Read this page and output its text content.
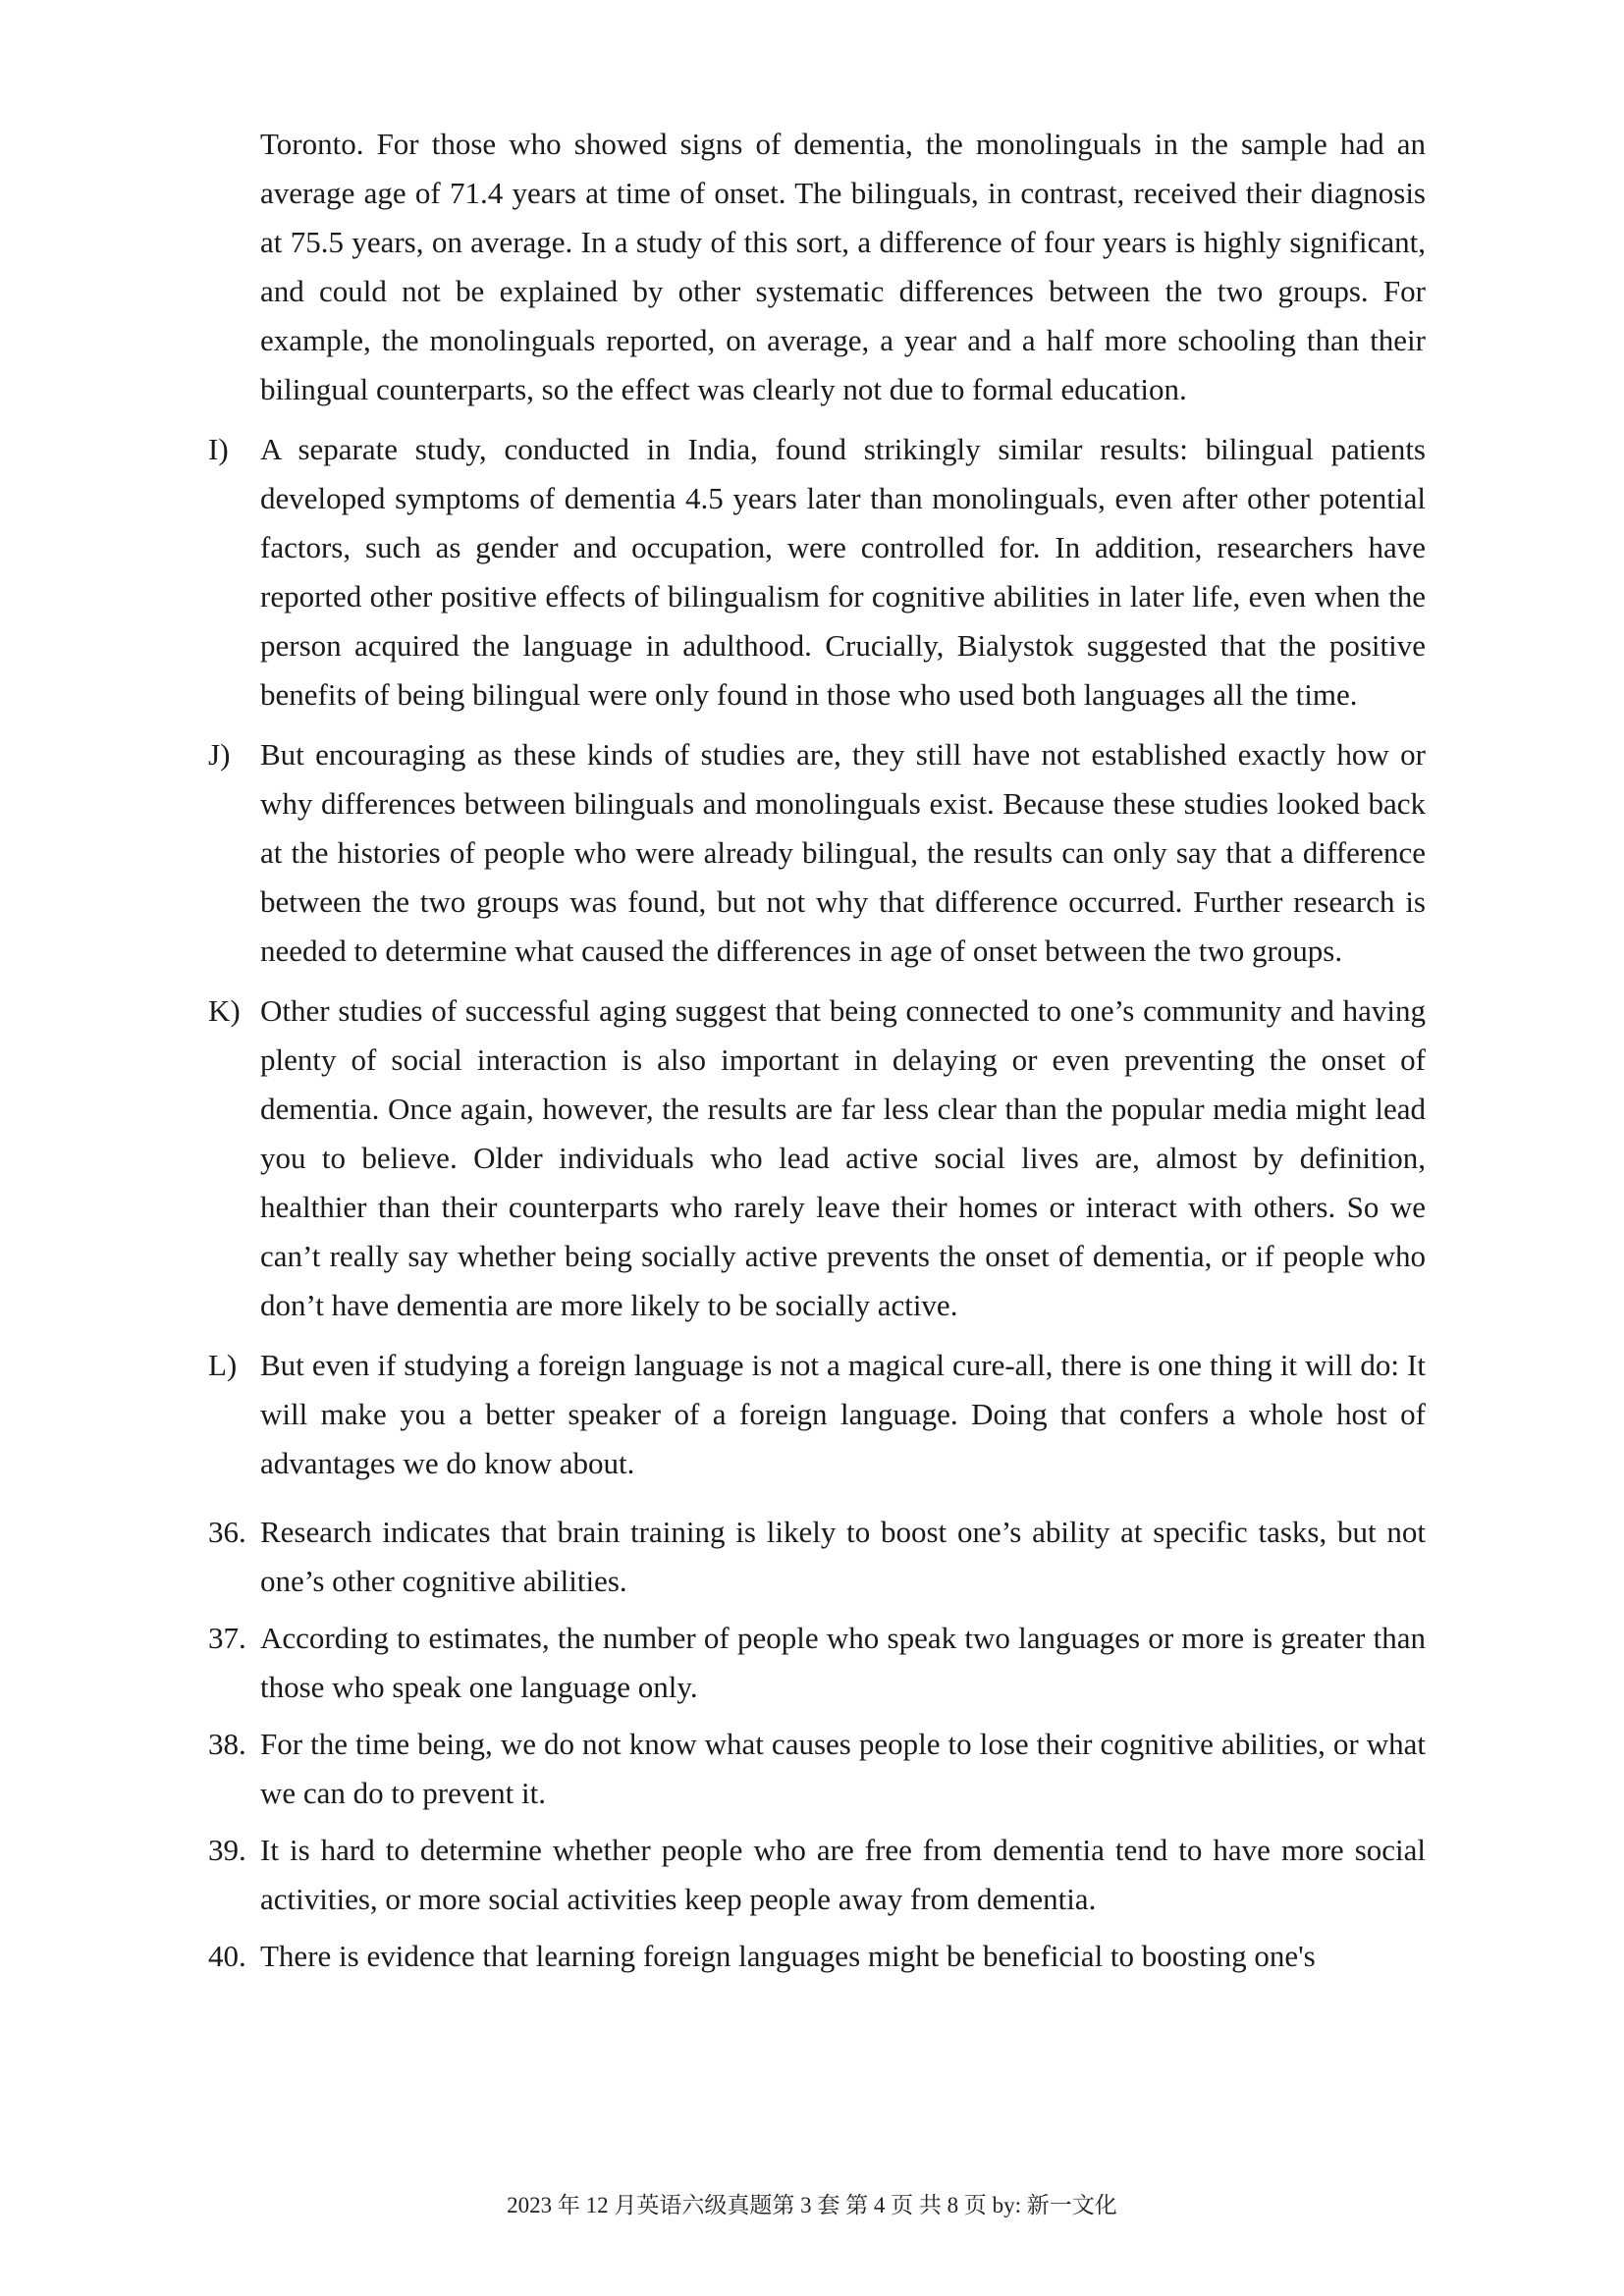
Toronto. For those who showed signs of dementia, the monolinguals in the sample had an average age of 71.4 years at time of onset. The bilinguals, in contrast, received their diagnosis at 75.5 years, on average. In a study of this sort, a difference of four years is highly significant, and could not be explained by other systematic differences between the two groups. For example, the monolinguals reported, on average, a year and a half more schooling than their bilingual counterparts, so the effect was clearly not due to formal education.
I) A separate study, conducted in India, found strikingly similar results: bilingual patients developed symptoms of dementia 4.5 years later than monolinguals, even after other potential factors, such as gender and occupation, were controlled for. In addition, researchers have reported other positive effects of bilingualism for cognitive abilities in later life, even when the person acquired the language in adulthood. Crucially, Bialystok suggested that the positive benefits of being bilingual were only found in those who used both languages all the time.
J) But encouraging as these kinds of studies are, they still have not established exactly how or why differences between bilinguals and monolinguals exist. Because these studies looked back at the histories of people who were already bilingual, the results can only say that a difference between the two groups was found, but not why that difference occurred. Further research is needed to determine what caused the differences in age of onset between the two groups.
K) Other studies of successful aging suggest that being connected to one’s community and having plenty of social interaction is also important in delaying or even preventing the onset of dementia. Once again, however, the results are far less clear than the popular media might lead you to believe. Older individuals who lead active social lives are, almost by definition, healthier than their counterparts who rarely leave their homes or interact with others. So we can’t really say whether being socially active prevents the onset of dementia, or if people who don’t have dementia are more likely to be socially active.
L) But even if studying a foreign language is not a magical cure-all, there is one thing it will do: It will make you a better speaker of a foreign language. Doing that confers a whole host of advantages we do know about.
36. Research indicates that brain training is likely to boost one’s ability at specific tasks, but not one’s other cognitive abilities.
37. According to estimates, the number of people who speak two languages or more is greater than those who speak one language only.
38. For the time being, we do not know what causes people to lose their cognitive abilities, or what we can do to prevent it.
39. It is hard to determine whether people who are free from dementia tend to have more social activities, or more social activities keep people away from dementia.
40. There is evidence that learning foreign languages might be beneficial to boosting one's
2023 年 12 月英语六级真题第 3 套 第 4 页 共 8 页 by: 新一文化
